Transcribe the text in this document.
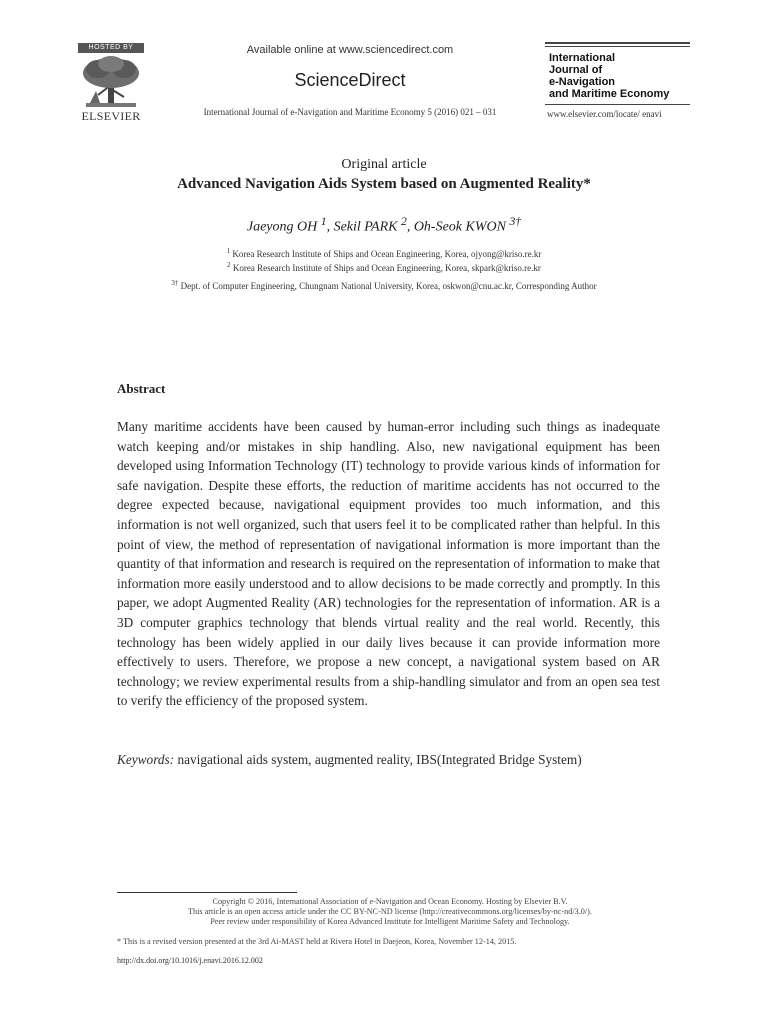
HOSTED BY
ELSEVIER
Available online at www.sciencedirect.com
ScienceDirect
International Journal of e-Navigation and Maritime Economy 5 (2016) 021 – 031
International
Journal of
e-Navigation
and Maritime Economy
www.elsevier.com/locate/ enavi
Original article
Advanced Navigation Aids System based on Augmented Reality*
Jaeyong OH $^1$, Sekil PARK $^2$, Oh-Seok KWON $^{3\dagger}$
$^1$ Korea Research Institute of Ships and Ocean Engineering, Korea, ojyong@kriso.re.kr
$^2$ Korea Research Institute of Ships and Ocean Engineering, Korea, skpark@kriso.re.kr
$^{3\dagger}$ Dept. of Computer Engineering, Chungnam National University, Korea, oskwon@cnu.ac.kr, Corresponding Author
Abstract
Many maritime accidents have been caused by human-error including such things as inadequate watch keeping and/or mistakes in ship handling. Also, new navigational equipment has been developed using Information Technology (IT) technology to provide various kinds of information for safe navigation. Despite these efforts, the reduction of maritime accidents has not occurred to the degree expected because, navigational equipment provides too much information, and this information is not well organized, such that users feel it to be complicated rather than helpful. In this point of view, the method of representation of navigational information is more important than the quantity of that information and research is required on the representation of information to make that information more easily understood and to allow decisions to be made correctly and promptly. In this paper, we adopt Augmented Reality (AR) technologies for the representation of information. AR is a 3D computer graphics technology that blends virtual reality and the real world. Recently, this technology has been widely applied in our daily lives because it can provide information more effectively to users. Therefore, we propose a new concept, a navigational system based on AR technology; we review experimental results from a ship-handling simulator and from an open sea test to verify the efficiency of the proposed system.
Keywords: navigational aids system, augmented reality, IBS(Integrated Bridge System)
Copyright © 2016, International Association of e-Navigation and Ocean Economy. Hosting by Elsevier B.V.
This article is an open access article under the CC BY-NC-ND license (http://creativecommons.org/licenses/by-nc-nd/3.0/).
Peer review under responsibility of Korea Advanced Institute for Intelligent Maritime Safety and Technology.
* This is a revised version presented at the 3rd Ai-MAST held at Rivera Hotel in Daejeon, Korea, November 12-14, 2015.
http://dx.doi.org/10.1016/j.enavi.2016.12.002
